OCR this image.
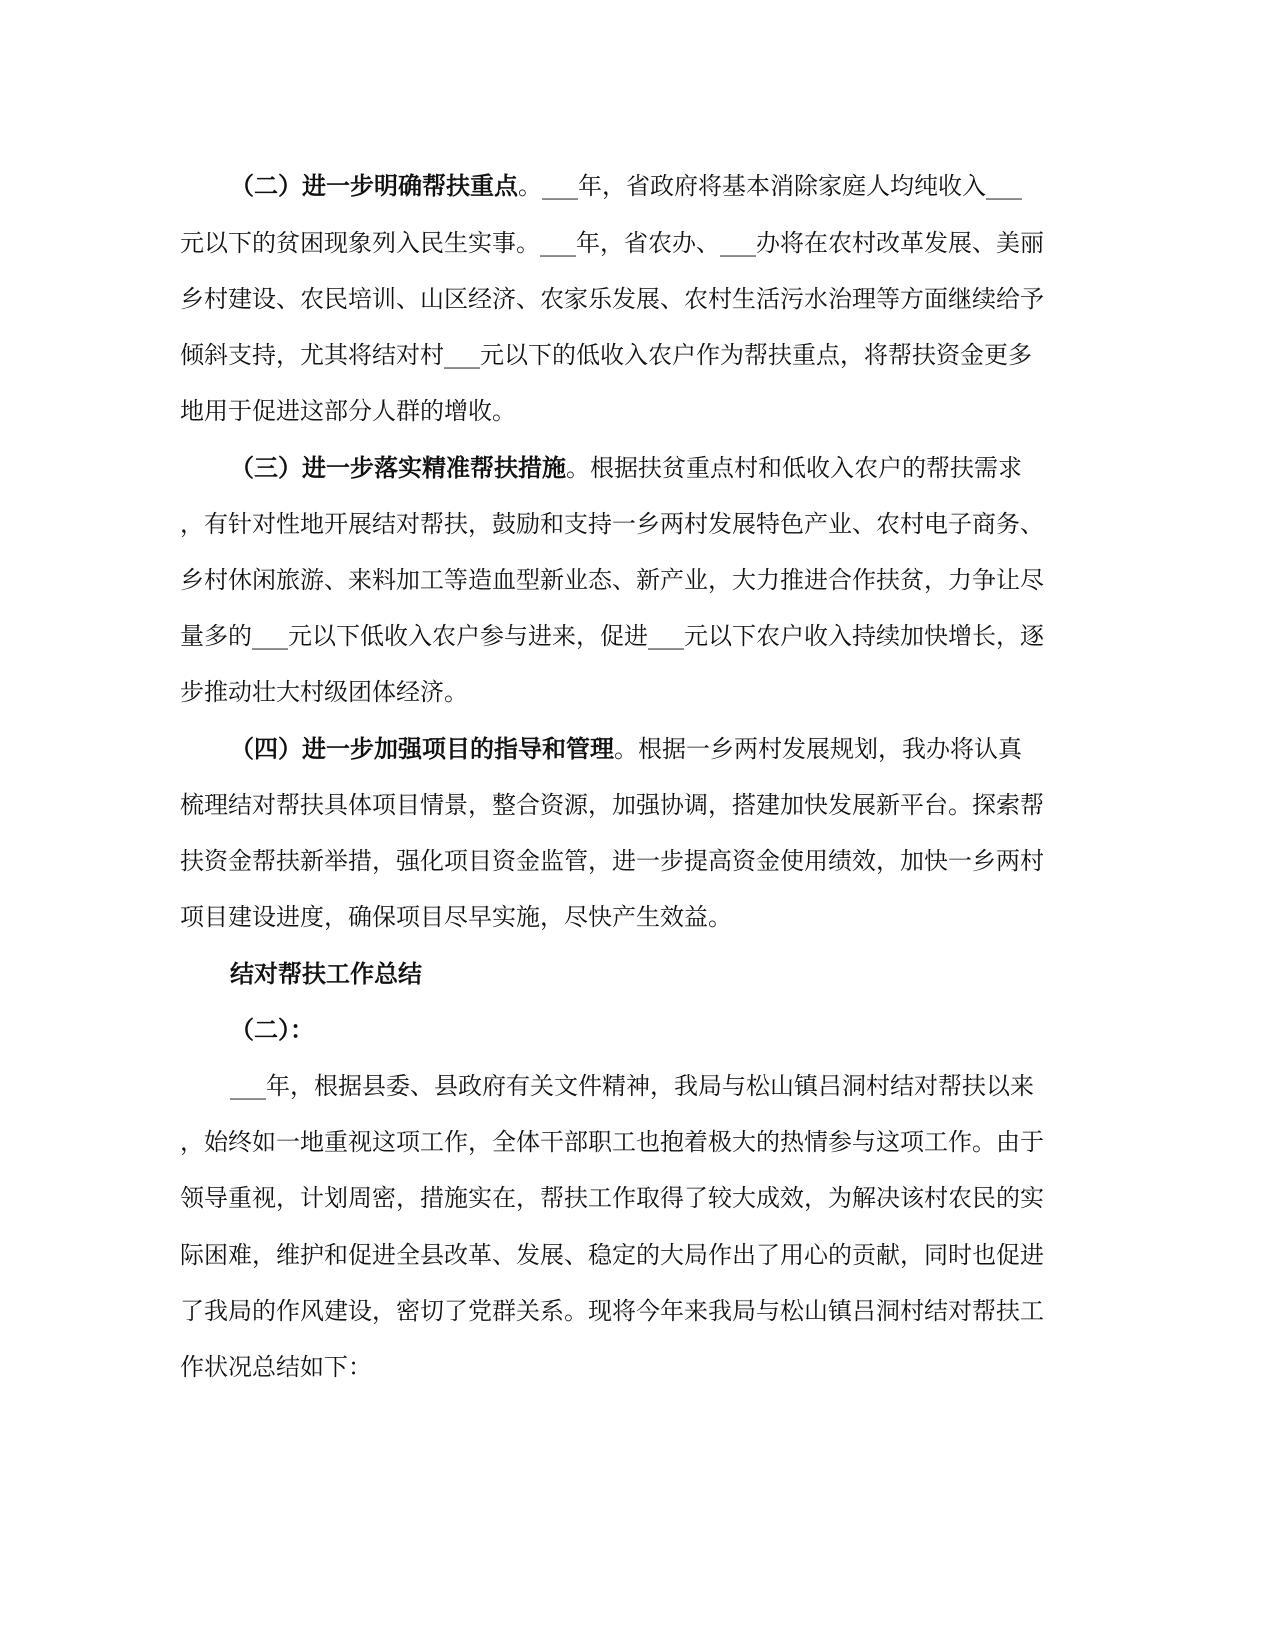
（二）进一步明确帮扶重点。___年，省政府将基本消除家庭人均纯收入___
元以下的贫困现象列入民生实事。___年，省农办、___办将在农村改革发展、美丽
乡村建设、农民培训、山区经济、农家乐发展、农村生活污水治理等方面继续给予
倾斜支持，尤其将结对村___元以下的低收入农户作为帮扶重点，将帮扶资金更多
地用于促进这部分人群的增收。
（三）进一步落实精准帮扶措施。根据扶贫重点村和低收入农户的帮扶需求
，有针对性地开展结对帮扶，鼓励和支持一乡两村发展特色产业、农村电子商务、
乡村休闲旅游、来料加工等造血型新业态、新产业，大力推进合作扶贫，力争让尽
量多的___元以下低收入农户参与进来，促进___元以下农户收入持续加快增长，逐
步推动壮大村级团体经济。
（四）进一步加强项目的指导和管理。根据一乡两村发展规划，我办将认真
梳理结对帮扶具体项目情景，整合资源，加强协调，搭建加快发展新平台。探索帮
扶资金帮扶新举措，强化项目资金监管，进一步提高资金使用绩效，加快一乡两村
项目建设进度，确保项目尽早实施，尽快产生效益。
结对帮扶工作总结
（二）：
___年，根据县委、县政府有关文件精神，我局与松山镇吕洞村结对帮扶以来
，始终如一地重视这项工作，全体干部职工也抱着极大的热情参与这项工作。由于
领导重视，计划周密，措施实在，帮扶工作取得了较大成效，为解决该村农民的实
际困难，维护和促进全县改革、发展、稳定的大局作出了用心的贡献，同时也促进
了我局的作风建设，密切了党群关系。现将今年来我局与松山镇吕洞村结对帮扶工
作状况总结如下：
